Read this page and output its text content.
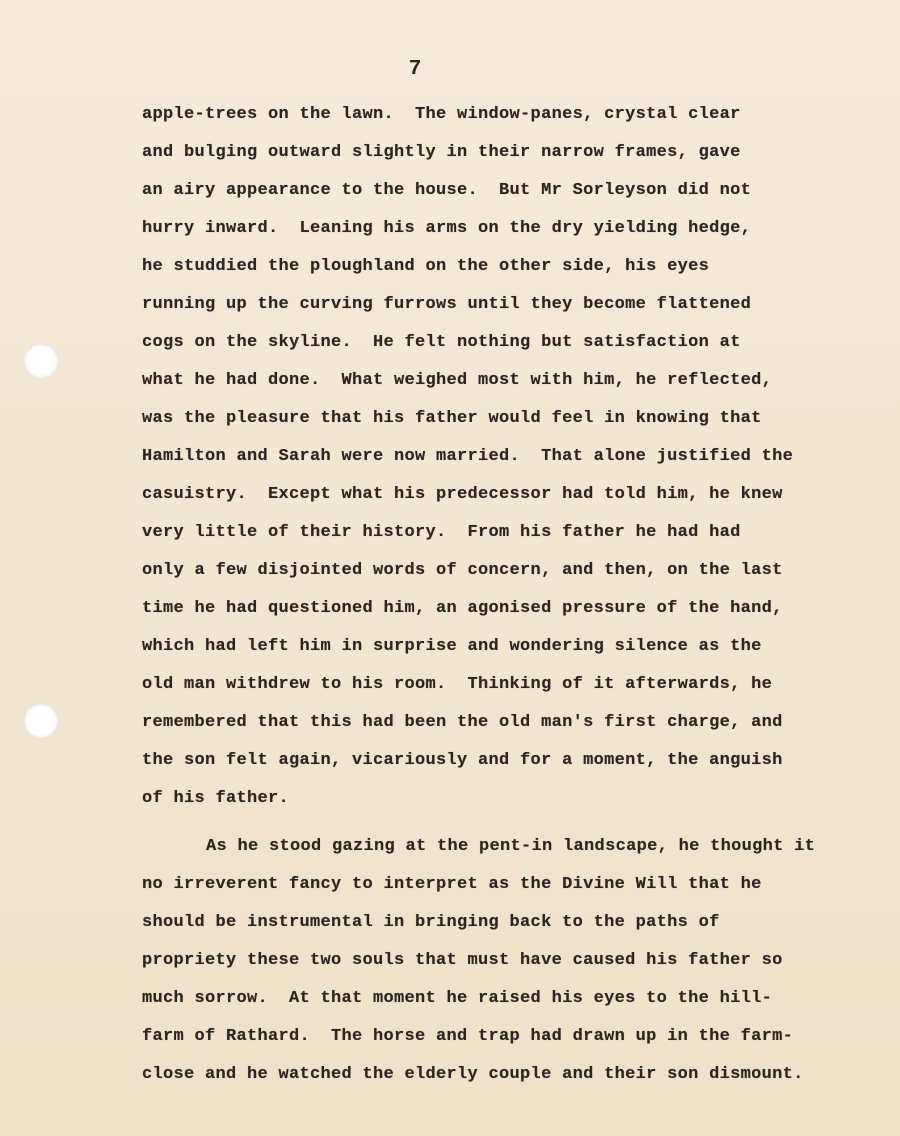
7
apple-trees on the lawn.  The window-panes, crystal clear
and bulging outward slightly in their narrow frames, gave
an airy appearance to the house.  But Mr Sorleyson did not
hurry inward.  Leaning his arms on the dry yielding hedge,
he studdied the ploughland on the other side, his eyes
running up the curving furrows until they become flattened
cogs on the skyline.  He felt nothing but satisfaction at
what he had done.  What weighed most with him, he reflected,
was the pleasure that his father would feel in knowing that
Hamilton and Sarah were now married.  That alone justified the
casuistry.  Except what his predecessor had told him, he knew
very little of their history.  From his father he had had
only a few disjointed words of concern, and then, on the last
time he had questioned him, an agonised pressure of the hand,
which had left him in surprise and wondering silence as the
old man withdrew to his room.  Thinking of it afterwards, he
remembered that this had been the old man's first charge, and
the son felt again, vicariously and for a moment, the anguish
of his father.
As he stood gazing at the pent-in landscape, he thought it
no irreverent fancy to interpret as the Divine Will that he
should be instrumental in bringing back to the paths of
propriety these two souls that must have caused his father so
much sorrow.  At that moment he raised his eyes to the hill-
farm of Rathard.  The horse and trap had drawn up in the farm-
close and he watched the elderly couple and their son dismount.
